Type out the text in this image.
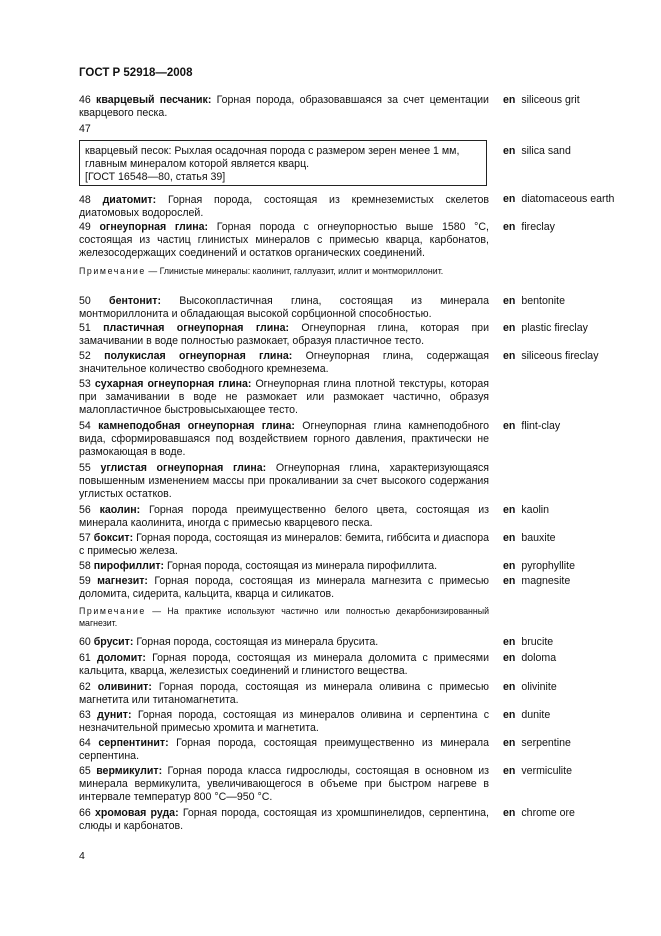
ГОСТ Р 52918—2008
46 кварцевый песчаник: Горная порода, образовавшаяся за счет цементации кварцевого песка.
en siliceous grit
47
кварцевый песок: Рыхлая осадочная порода с размером зерен менее 1 мм, главным минералом которой является кварц.
[ГОСТ 16548—80, статья 39]
en silica sand
48 диатомит: Горная порода, состоящая из кремнеземистых скелетов диатомовых водорослей.
en diatomaceous earth
49 огнеупорная глина: Горная порода с огнеупорностью выше 1580 °С, состоящая из частиц глинистых минералов с примесью кварца, карбонатов, железосодержащих соединений и остатков органических соединений.
en fireclay
Примечание — Глинистые минералы: каолинит, галлуазит, иллит и монтмориллонит.
50 бентонит: Высокопластичная глина, состоящая из минерала монтмориллонита и обладающая высокой сорбционной способностью.
en bentonite
51 пластичная огнеупорная глина: Огнеупорная глина, которая при замачивании в воде полностью размокает, образуя пластичное тесто.
en plastic fireclay
52 полукислая огнеупорная глина: Огнеупорная глина, содержащая значительное количество свободного кремнезема.
en siliceous fireclay
53 сухарная огнеупорная глина: Огнеупорная глина плотной текстуры, которая при замачивании в воде не размокает или размокает частично, образуя малопластичное быстровысыхающее тесто.
54 камнеподобная огнеупорная глина: Огнеупорная глина камнеподобного вида, сформировавшаяся под воздействием горного давления, практически не размокающая в воде.
en flint-clay
55 углистая огнеупорная глина: Огнеупорная глина, характеризующаяся повышенным изменением массы при прокаливании за счет высокого содержания углистых остатков.
56 каолин: Горная порода преимущественно белого цвета, состоящая из минерала каолинита, иногда с примесью кварцевого песка.
en kaolin
57 боксит: Горная порода, состоящая из минералов: бемита, гиббсита и диаспора с примесью железа.
en bauxite
58 пирофиллит: Горная порода, состоящая из минерала пирофиллита.	en pyrophyllite
59 магнезит: Горная порода, состоящая из минерала магнезита с примесью доломита, сидерита, кальцита, кварца и силикатов.
en magnesite
Примечание — На практике используют частично или полностью декарбонизированный магнезит.
60 брусит: Горная порода, состоящая из минерала брусита.	en brucite
61 доломит: Горная порода, состоящая из минерала доломита с примесями кальцита, кварца, железистых соединений и глинистого вещества.
en doloma
62 оливинит: Горная порода, состоящая из минерала оливина с примесью магнетита или титаномагнетита.
en olivinite
63 дунит: Горная порода, состоящая из минералов оливина и серпентина с незначительной примесью хромита и магнетита.
en dunite
64 серпентинит: Горная порода, состоящая преимущественно из минерала серпентина.
en serpentine
65 вермикулит: Горная порода класса гидрослюды, состоящая в основном из минерала вермикулита, увеличивающегося в объеме при быстром нагреве в интервале температур 800 °С—950 °С.
en vermiculite
66 хромовая руда: Горная порода, состоящая из хромшпинелидов, серпентина, слюды и карбонатов.
en chrome ore
4
